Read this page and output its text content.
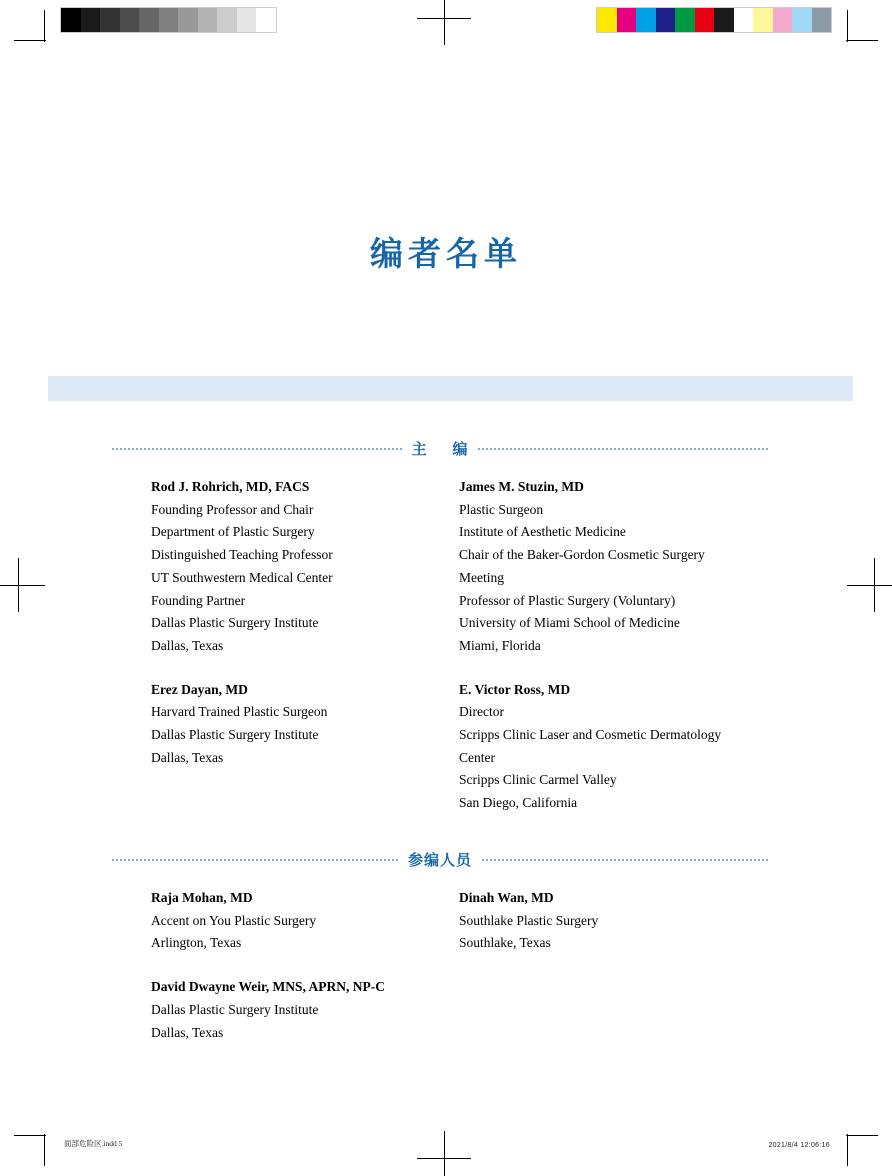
编者名单
主    编
Rod J. Rohrich, MD, FACS
Founding Professor and Chair
Department of Plastic Surgery
Distinguished Teaching Professor
UT Southwestern Medical Center
Founding Partner
Dallas Plastic Surgery Institute
Dallas, Texas
Erez Dayan, MD
Harvard Trained Plastic Surgeon
Dallas Plastic Surgery Institute
Dallas, Texas
James M. Stuzin, MD
Plastic Surgeon
Institute of Aesthetic Medicine
Chair of the Baker-Gordon Cosmetic Surgery
Meeting
Professor of Plastic Surgery (Voluntary)
University of Miami School of Medicine
Miami, Florida
E. Victor Ross, MD
Director
Scripps Clinic Laser and Cosmetic Dermatology
Center
Scripps Clinic Carmel Valley
San Diego, California
参编人员
Raja Mohan, MD
Accent on You Plastic Surgery
Arlington, Texas
David Dwayne Weir, MNS, APRN, NP-C
Dallas Plastic Surgery Institute
Dallas, Texas
Dinah Wan, MD
Southlake Plastic Surgery
Southlake, Texas
面部危险区.indd 5	2021/8/4 12:06:16
